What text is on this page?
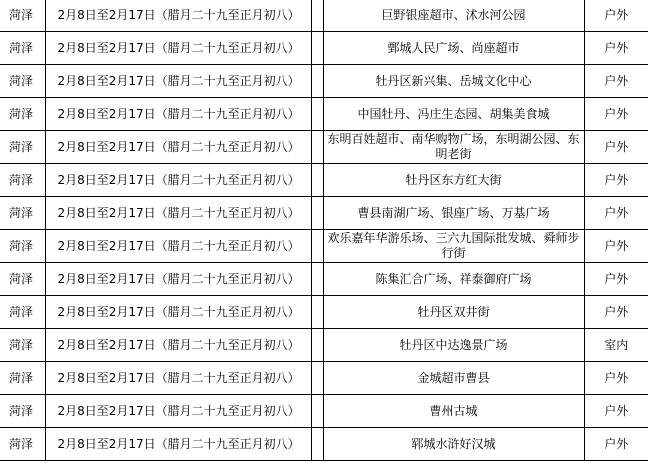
菏泽	2月8日至2月17日（腊月二十九至正月初八）		巨野银座超市、沭水河公园	户外
菏泽	2月8日至2月17日（腊月二十九至正月初八）		鄄城人民广场、尚座超市	户外
菏泽	2月8日至2月17日（腊月二十九至正月初八）		牡丹区新兴集、岳城文化中心	户外
菏泽	2月8日至2月17日（腊月二十九至正月初八）		中国牡丹、冯庄生态园、胡集美食城	户外
菏泽	2月8日至2月17日（腊月二十九至正月初八）		东明百姓超市、南华购物广场，东明湖公园、东明老街	户外
菏泽	2月8日至2月17日（腊月二十九至正月初八）		牡丹区东方红大街	户外
菏泽	2月8日至2月17日（腊月二十九至正月初八）		曹县南湖广场、银座广场、万基广场	户外
菏泽	2月8日至2月17日（腊月二十九至正月初八）		欢乐嘉年华游乐场、三六九国际批发城、舜师步行街	户外
菏泽	2月8日至2月17日（腊月二十九至正月初八）		陈集汇合广场、祥泰御府广场	户外
菏泽	2月8日至2月17日（腊月二十九至正月初八）		牡丹区双井街	户外
菏泽	2月8日至2月17日（腊月二十九至正月初八）		牡丹区中达逸景广场	室内
菏泽	2月8日至2月17日（腊月二十九至正月初八）		金城超市曹县	户外
菏泽	2月8日至2月17日（腊月二十九至正月初八）		曹州古城	户外
菏泽	2月8日至2月17日（腊月二十九至正月初八）		郓城水浒好汉城	户外
